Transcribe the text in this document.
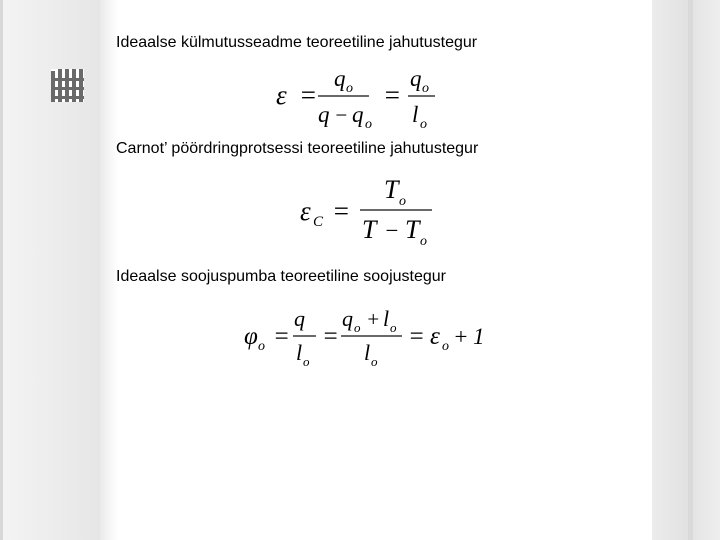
Ideaalse külmutusseadme teoreetiline jahutustegur
ε =
q o
q − q o
=
q o
l o
Carnot’ pöördringprotsessi teoreetiline jahutustegur
ε C =
T o
T − T o
Ideaalse soojuspumba teoreetiline soojustegur
φ o =
q
l o
=
q o + l o
l o
= ε o + 1
